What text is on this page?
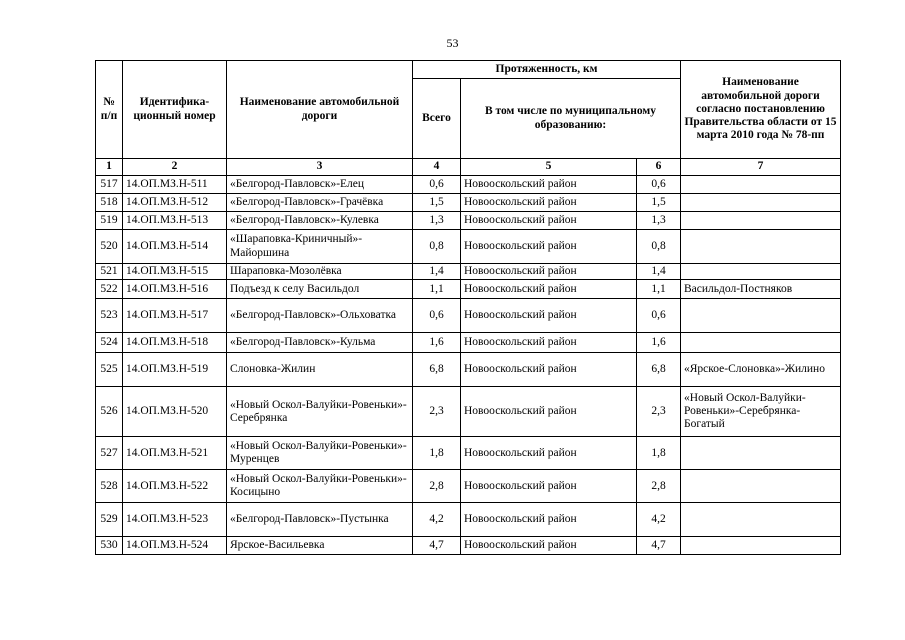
53
№ п/п	Идентифика-ционный номер	Наименование автомобильной дороги	Протяженность, км			Наименование автомобильной дороги согласно постановлению Правительства области от 15 марта 2010 года № 78-пп
			Всего	В том числе по муниципальному образованию:		
1	2	3	4	5	6	7
517	14.ОП.МЗ.Н-511	«Белгород-Павловск»-Елец	0,6	Новооскольский район	0,6	
518	14.ОП.МЗ.Н-512	«Белгород-Павловск»-Грачёвка	1,5	Новооскольский район	1,5	
519	14.ОП.МЗ.Н-513	«Белгород-Павловск»-Кулевка	1,3	Новооскольский район	1,3	
520	14.ОП.МЗ.Н-514	«Шараповка-Криничный»-Майоршина	0,8	Новооскольский район	0,8	
521	14.ОП.МЗ.Н-515	Шараповка-Мозолёвка	1,4	Новооскольский район	1,4	
522	14.ОП.МЗ.Н-516	Подъезд к селу Васильдол	1,1	Новооскольский район	1,1	Васильдол-Постняков
523	14.ОП.МЗ.Н-517	«Белгород-Павловск»-Ольховатка	0,6	Новооскольский район	0,6	
524	14.ОП.МЗ.Н-518	«Белгород-Павловск»-Кульма	1,6	Новооскольский район	1,6	
525	14.ОП.МЗ.Н-519	Слоновка-Жилин	6,8	Новооскольский район	6,8	«Ярское-Слоновка»-Жилино
526	14.ОП.МЗ.Н-520	«Новый Оскол-Валуйки-Ровеньки»-Серебрянка	2,3	Новооскольский район	2,3	«Новый Оскол-Валуйки-Ровеньки»-Серебрянка-Богатый
527	14.ОП.МЗ.Н-521	«Новый Оскол-Валуйки-Ровеньки»-Муренцев	1,8	Новооскольский район	1,8	
528	14.ОП.МЗ.Н-522	«Новый Оскол-Валуйки-Ровеньки»-Косицыно	2,8	Новооскольский район	2,8	
529	14.ОП.МЗ.Н-523	«Белгород-Павловск»-Пустынка	4,2	Новооскольский район	4,2	
530	14.ОП.МЗ.Н-524	Ярское-Васильевка	4,7	Новооскольский район	4,7	
